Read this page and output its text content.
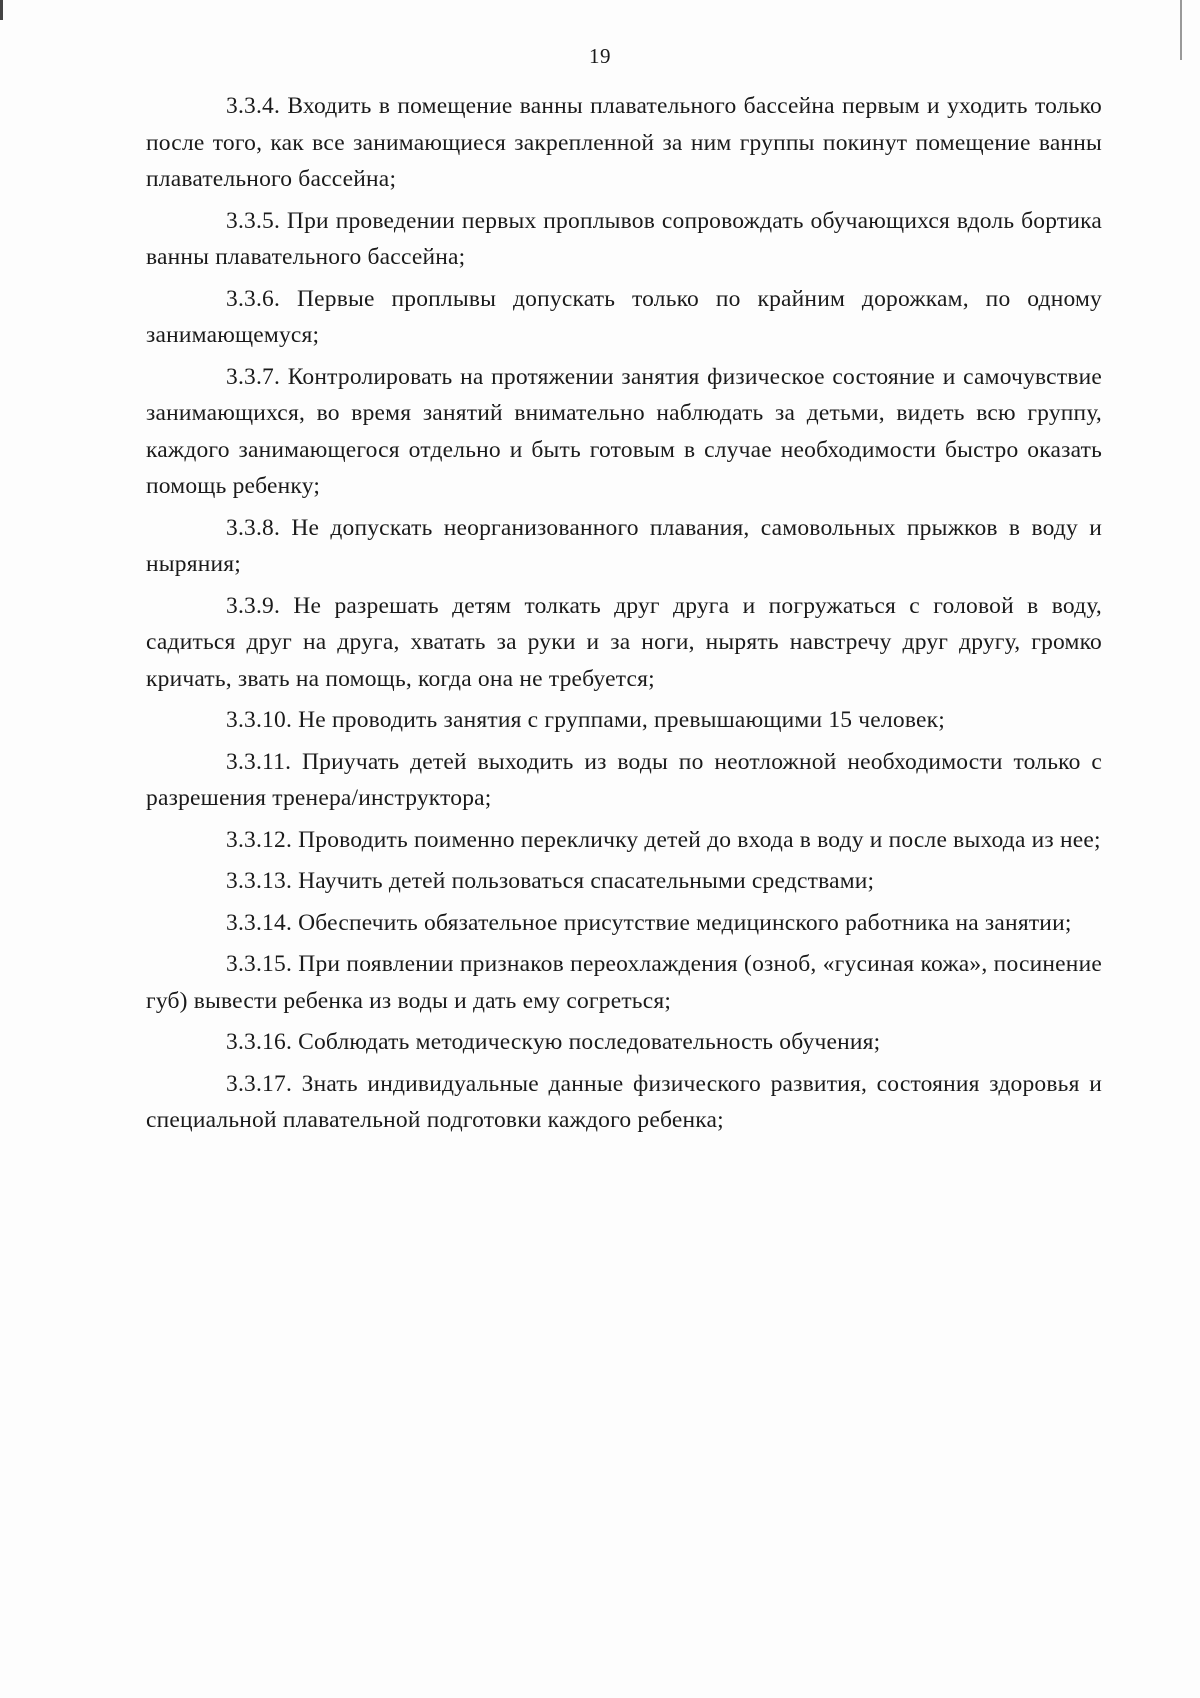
19

3.3.4. Входить в помещение ванны плавательного бассейна первым и уходить только после того, как все занимающиеся закрепленной за ним группы покинут помещение ванны плавательного бассейна;

3.3.5. При проведении первых проплывов сопровождать обучающихся вдоль бортика ванны плавательного бассейна;

3.3.6. Первые проплывы допускать только по крайним дорожкам, по одному занимающемуся;

3.3.7. Контролировать на протяжении занятия физическое состояние и самочувствие занимающихся, во время занятий внимательно наблюдать за детьми, видеть всю группу, каждого занимающегося отдельно и быть готовым в случае необходимости быстро оказать помощь ребенку;

3.3.8. Не допускать неорганизованного плавания, самовольных прыжков в воду и ныряния;

3.3.9. Не разрешать детям толкать друг друга и погружаться с головой в воду, садиться друг на друга, хватать за руки и за ноги, нырять навстречу друг другу, громко кричать, звать на помощь, когда она не требуется;

3.3.10. Не проводить занятия с группами, превышающими 15 человек;

3.3.11. Приучать детей выходить из воды по неотложной необходимости только с разрешения тренера/инструктора;

3.3.12. Проводить поименно перекличку детей до входа в воду и после выхода из нее;

3.3.13. Научить детей пользоваться спасательными средствами;

3.3.14. Обеспечить обязательное присутствие медицинского работника на занятии;

3.3.15. При появлении признаков переохлаждения (озноб, «гусиная кожа», посинение губ) вывести ребенка из воды и дать ему согреться;

3.3.16. Соблюдать методическую последовательность обучения;

3.3.17. Знать индивидуальные данные физического развития, состояния здоровья и специальной плавательной подготовки каждого ребенка;
